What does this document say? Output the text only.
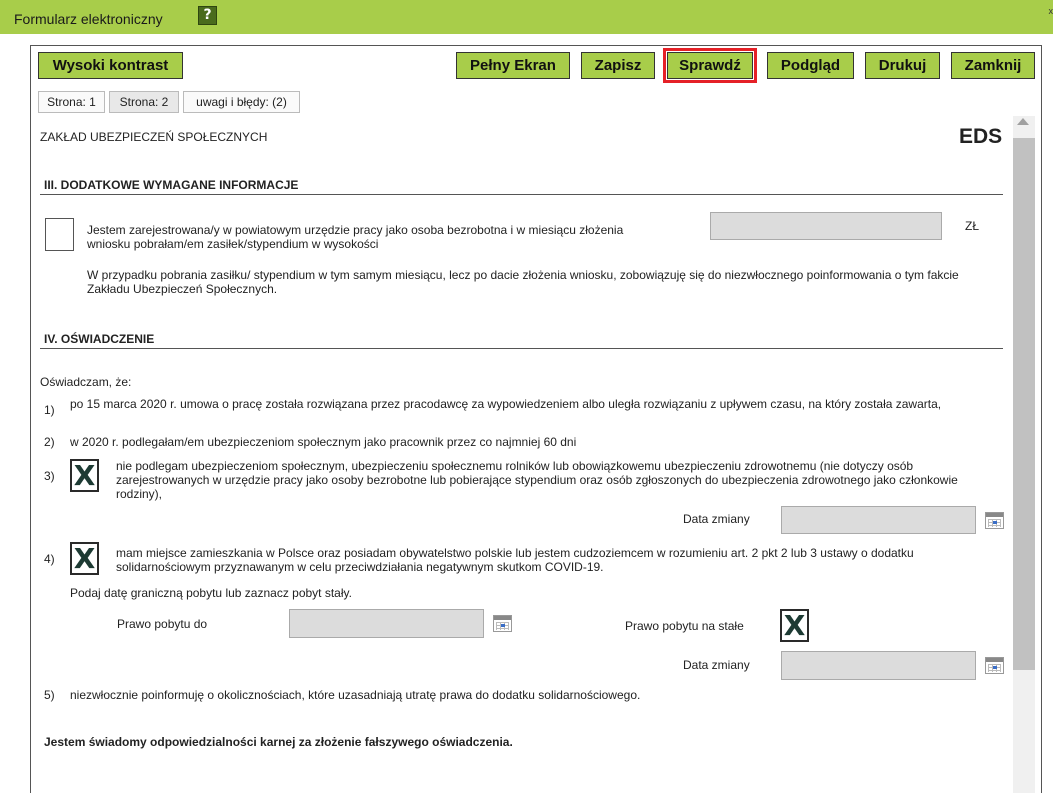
Formularz elektroniczny	?	x
Wysoki kontrast	Pełny Ekran	Zapisz	Sprawdź	Podgląd	Drukuj	Zamknij
Strona: 1	Strona: 2	uwagi i błędy: (2)
ZAKŁAD UBEZPIECZEŃ SPOŁECZNYCH	EDS
III. DODATKOWE WYMAGANE INFORMACJE
Jestem zarejestrowana/y w powiatowym urzędzie pracy jako osoba bezrobotna i w miesiącu złożenia wniosku pobrałam/em zasiłek/stypendium w wysokości
ZŁ
W przypadku pobrania zasiłku/ stypendium w tym samym miesiącu, lecz po dacie złożenia wniosku, zobowiązuję się do niezwłocznego poinformowania o tym fakcie Zakładu Ubezpieczeń Społecznych.
IV. OŚWIADCZENIE
Oświadczam, że:
1) po 15 marca 2020 r. umowa o pracę została rozwiązana przez pracodawcę za wypowiedzeniem albo uległa rozwiązaniu z upływem czasu, na który została zawarta,
2) w 2020 r. podlegałam/em ubezpieczeniom społecznym jako pracownik przez co najmniej 60 dni
3) X nie podlegam ubezpieczeniom społecznym, ubezpieczeniu społecznemu rolników lub obowiązkowemu ubezpieczeniu zdrowotnemu (nie dotyczy osób zarejestrowanych w urzędzie pracy jako osoby bezrobotne lub pobierające stypendium oraz osób zgłoszonych do ubezpieczenia zdrowotnego jako członkowie rodziny),
Data zmiany
4) X mam miejsce zamieszkania w Polsce oraz posiadam obywatelstwo polskie lub jestem cudzoziemcem w rozumieniu art. 2 pkt 2 lub 3 ustawy o dodatku solidarnościowym przyznawanym w celu przeciwdziałania negatywnym skutkom COVID-19.
Podaj datę graniczną pobytu lub zaznacz pobyt stały.
Prawo pobytu do	Prawo pobytu na stałe X
Data zmiany
5) niezwłocznie poinformuję o okolicznościach, które uzasadniają utratę prawa do dodatku solidarnościowego.
Jestem świadomy odpowiedzialności karnej za złożenie fałszywego oświadczenia.
